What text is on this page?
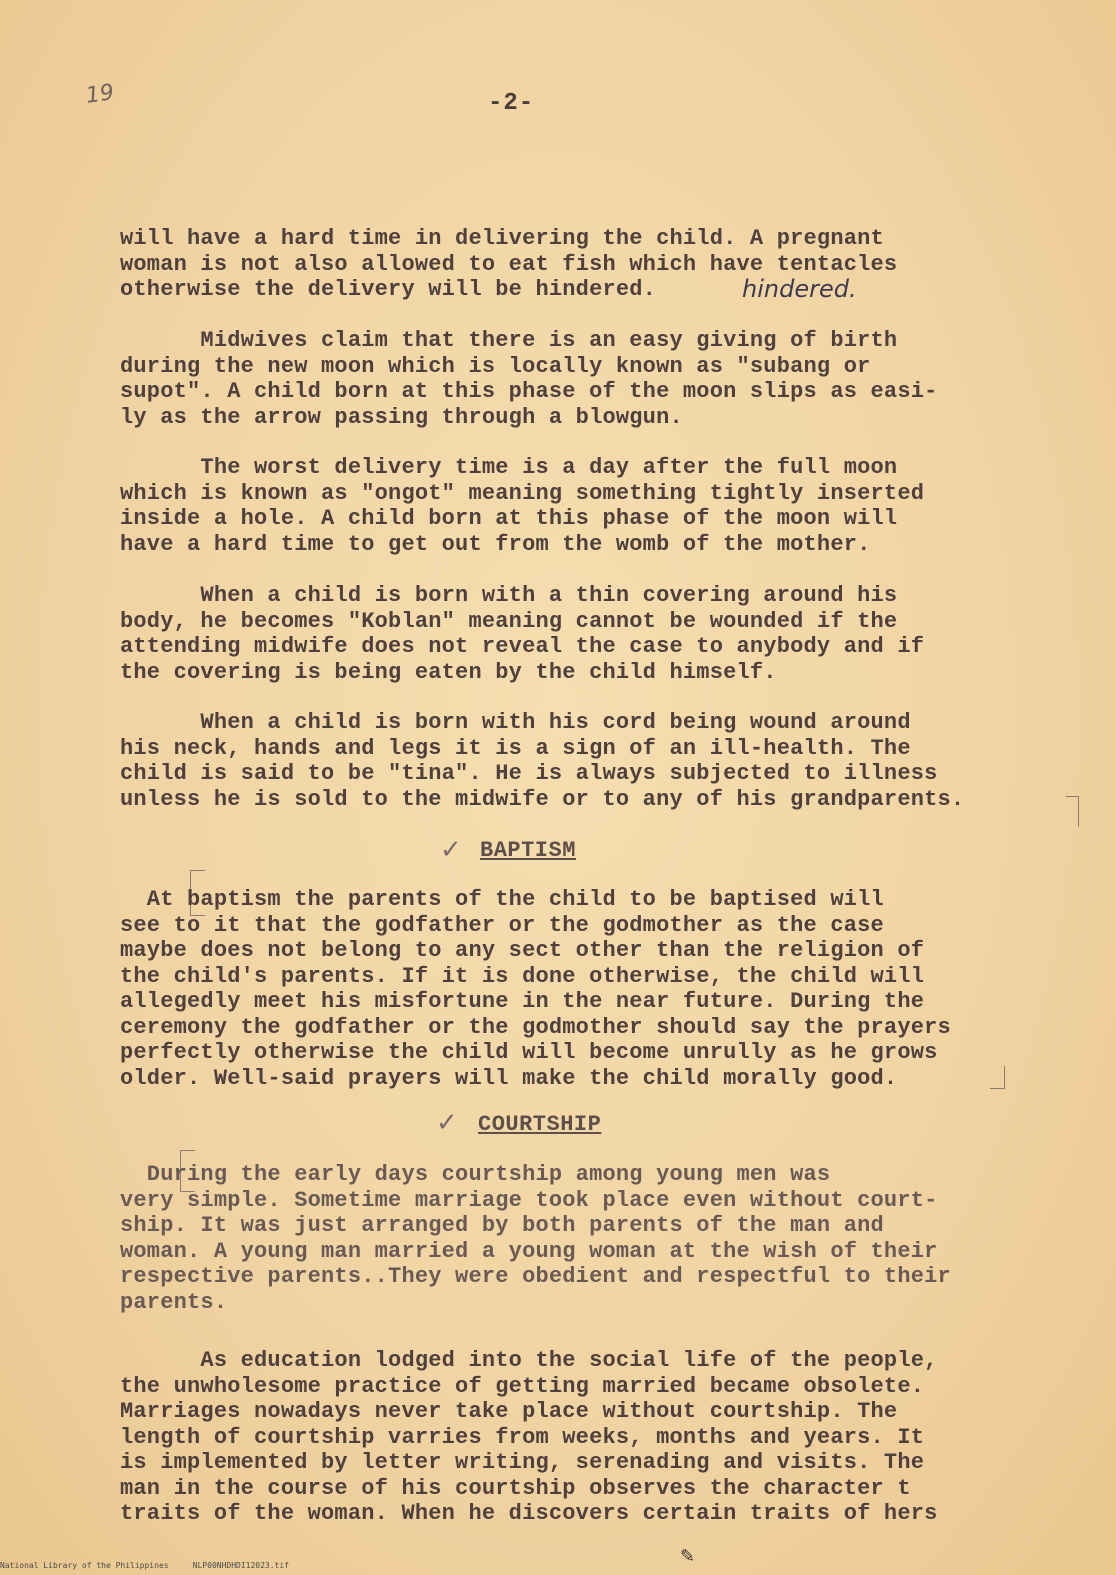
19	-2-

will have a hard time in delivering the child. A pregnant
woman is not also allowed to eat fish which have tentacles
otherwise the delivery will be hindered.	hindered.

Midwives claim that there is an easy giving of birth
during the new moon which is locally known as "subang or
supot". A child born at this phase of the moon slips as easi-
ly as the arrow passing through a blowgun.

The worst delivery time is a day after the full moon
which is known as "ongot" meaning something tightly inserted
inside a hole. A child born at this phase of the moon will
have a hard time to get out from the womb of the mother.

When a child is born with a thin covering around his
body, he becomes "Koblan" meaning cannot be wounded if the
attending midwife does not reveal the case to anybody and if
the covering is being eaten by the child himself.

When a child is born with his cord being wound around
his neck, hands and legs it is a sign of an ill-health. The
child is said to be "tina". He is always subjected to illness
unless he is sold to the midwife or to any of his grandparents.

✓ BAPTISM

At baptism the parents of the child to be baptised will
see to it that the godfather or the godmother as the case
maybe does not belong to any sect other than the religion of
the child's parents. If it is done otherwise, the child will
allegedly meet his misfortune in the near future. During the
ceremony the godfather or the godmother should say the prayers
perfectly otherwise the child will become unrully as he grows
older. Well-said prayers will make the child morally good.

✓ COURTSHIP

During the early days courtship among young men was
very simple. Sometime marriage took place even without court-
ship. It was just arranged by both parents of the man and
woman. A young man married a young woman at the wish of their
respective parents..They were obedient and respectful to their
parents.

As education lodged into the social life of the people,
the unwholesome practice of getting married became obsolete.
Marriages nowadays never take place without courtship. The
length of courtship varries from weeks, months and years. It
is implemented by letter writing, serenading and visits. The
man in the course of his courtship observes the character t
traits of the woman. When he discovers certain traits of hers

✎
National Library of the Philippines	NLP00NHDHDI12023.tif
